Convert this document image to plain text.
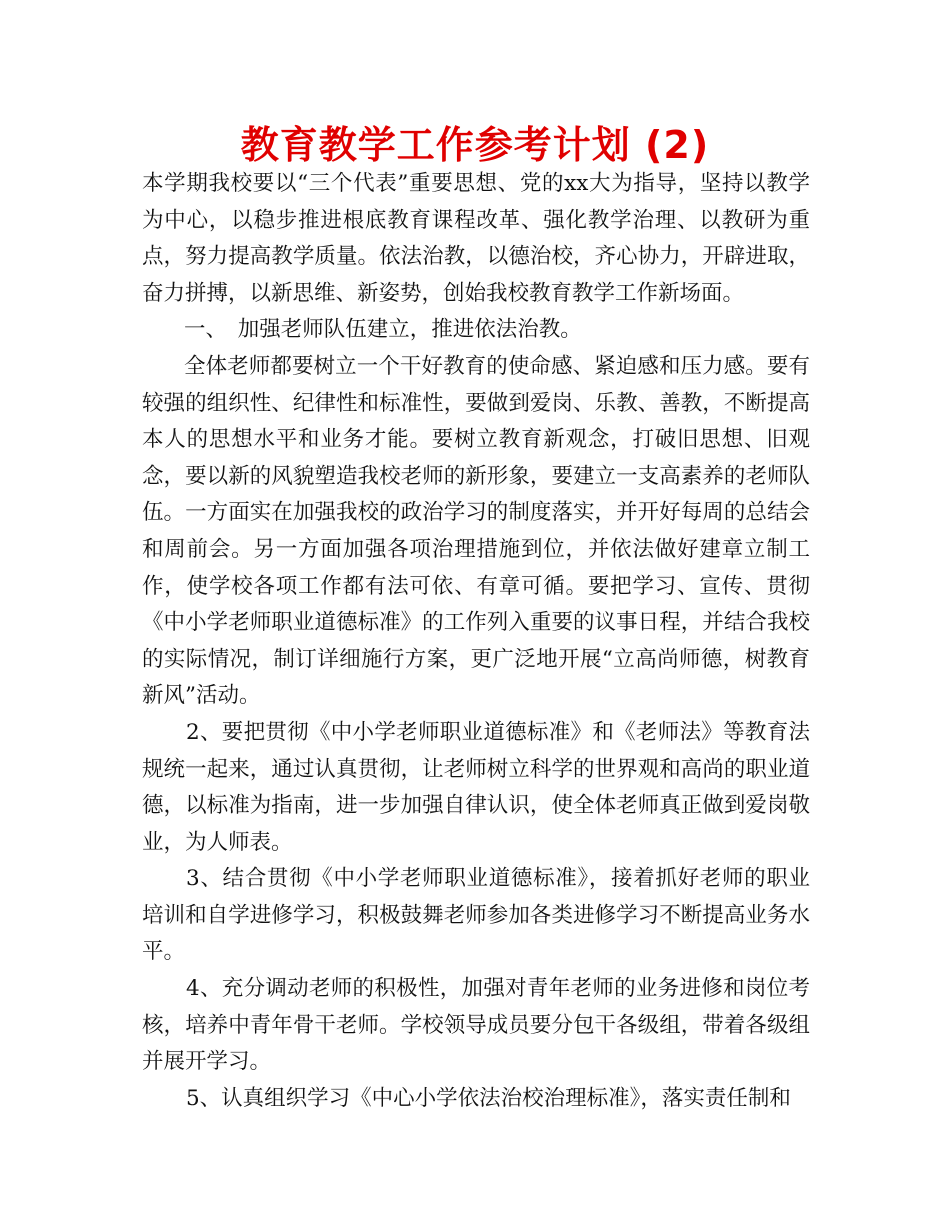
教育教学工作参考计划 (2)

本学期我校要以“三个代表”重要思想、党的xx大为指导，坚持以教学为中心，以稳步推进根底教育课程改革、强化教学治理、以教研为重点，努力提高教学质量。依法治教，以德治校，齐心协力，开辟进取，奋力拼搏，以新思维、新姿势，创始我校教育教学工作新场面。

一、　加强老师队伍建立，推进依法治教。

全体老师都要树立一个干好教育的使命感、紧迫感和压力感。要有较强的组织性、纪律性和标准性，要做到爱岗、乐教、善教，不断提高本人的思想水平和业务才能。要树立教育新观念，打破旧思想、旧观念，要以新的风貌塑造我校老师的新形象，要建立一支高素养的老师队伍。一方面实在加强我校的政治学习的制度落实，并开好每周的总结会和周前会。另一方面加强各项治理措施到位，并依法做好建章立制工作，使学校各项工作都有法可依、有章可循。要把学习、宣传、贯彻《中小学老师职业道德标准》的工作列入重要的议事日程，并结合我校的实际情况，制订详细施行方案，更广泛地开展“立高尚师德，树教育新风”活动。

2、要把贯彻《中小学老师职业道德标准》和《老师法》等教育法规统一起来，通过认真贯彻，让老师树立科学的世界观和高尚的职业道德，以标准为指南，进一步加强自律认识，使全体老师真正做到爱岗敬业，为人师表。

3、结合贯彻《中小学老师职业道德标准》，接着抓好老师的职业培训和自学进修学习，积极鼓舞老师参加各类进修学习不断提高业务水平。

4、充分调动老师的积极性，加强对青年老师的业务进修和岗位考核，培养中青年骨干老师。学校领导成员要分包干各级组，带着各级组并展开学习。

5、认真组织学习《中心小学依法治校治理标准》，落实责任制和
